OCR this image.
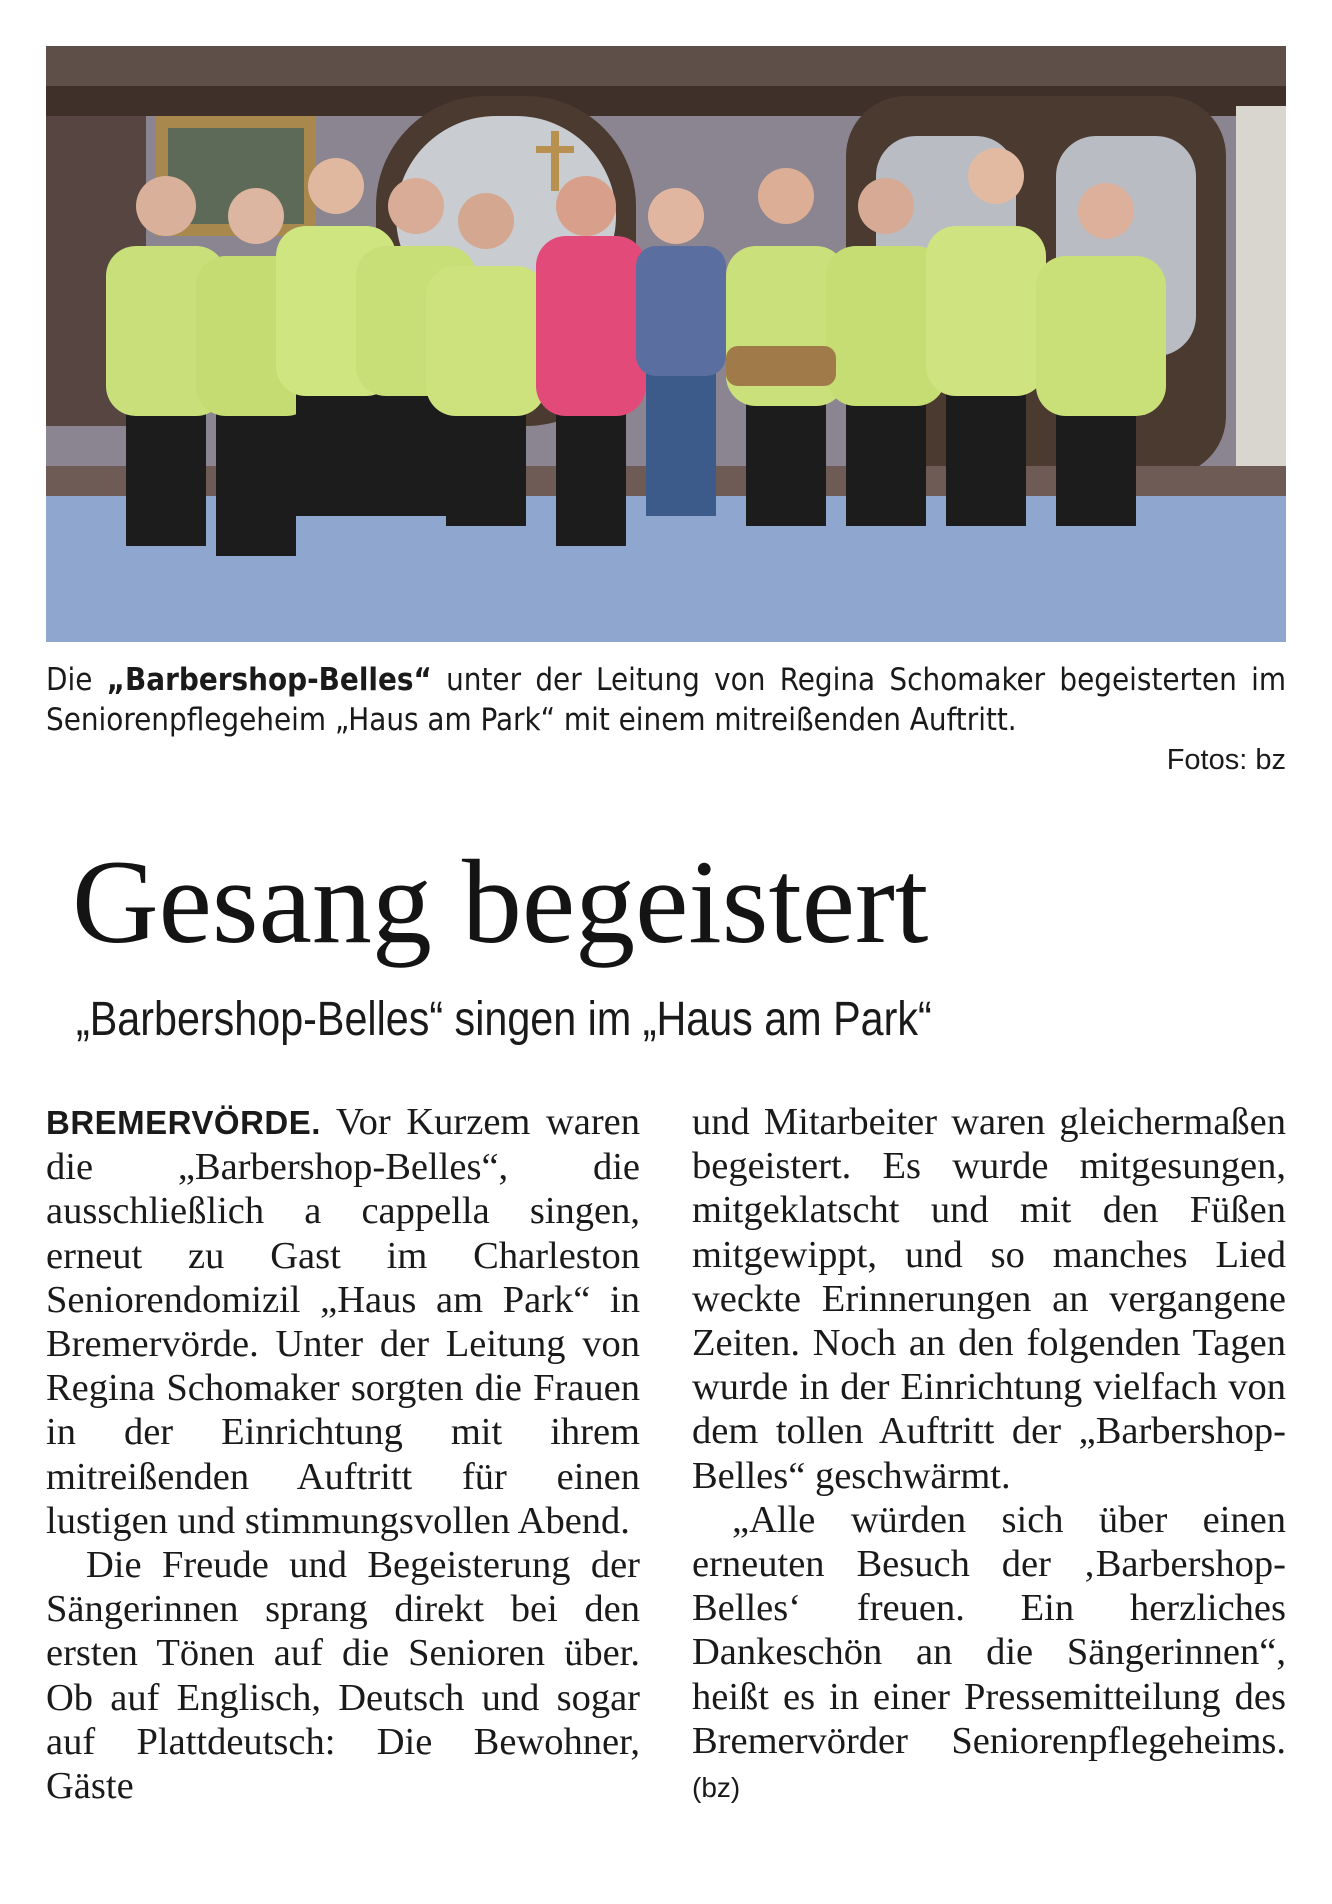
Die „Barbershop-Belles“ unter der Leitung von Regina Schomaker begeisterten im Seniorenpflegeheim „Haus am Park“ mit einem mitreißenden Auftritt.
Fotos: bz
Gesang begeistert
„Barbershop-Belles“ singen im „Haus am Park“

BREMERVÖRDE. Vor Kurzem waren die „Barbershop-Belles“, die ausschließlich a cappella singen, erneut zu Gast im Charleston Seniorendomizil „Haus am Park“ in Bremervörde. Unter der Leitung von Regina Schomaker sorgten die Frauen in der Einrichtung mit ihrem mitreißenden Auftritt für einen lustigen und stimmungsvollen Abend.

Die Freude und Begeisterung der Sängerinnen sprang direkt bei den ersten Tönen auf die Senioren über. Ob auf Englisch, Deutsch und sogar auf Plattdeutsch: Die Bewohner, Gäste

und Mitarbeiter waren gleichermaßen begeistert. Es wurde mitgesungen, mitgeklatscht und mit den Füßen mitgewippt, und so manches Lied weckte Erinnerungen an vergangene Zeiten. Noch an den folgenden Tagen wurde in der Einrichtung vielfach von dem tollen Auftritt der „Barbershop-Belles“ geschwärmt.

„Alle würden sich über einen erneuten Besuch der ‚Barbershop-Belles‘ freuen. Ein herzliches Dankeschön an die Sängerinnen“, heißt es in einer Pressemitteilung des Bremervörder Seniorenpflegeheims. (bz)
